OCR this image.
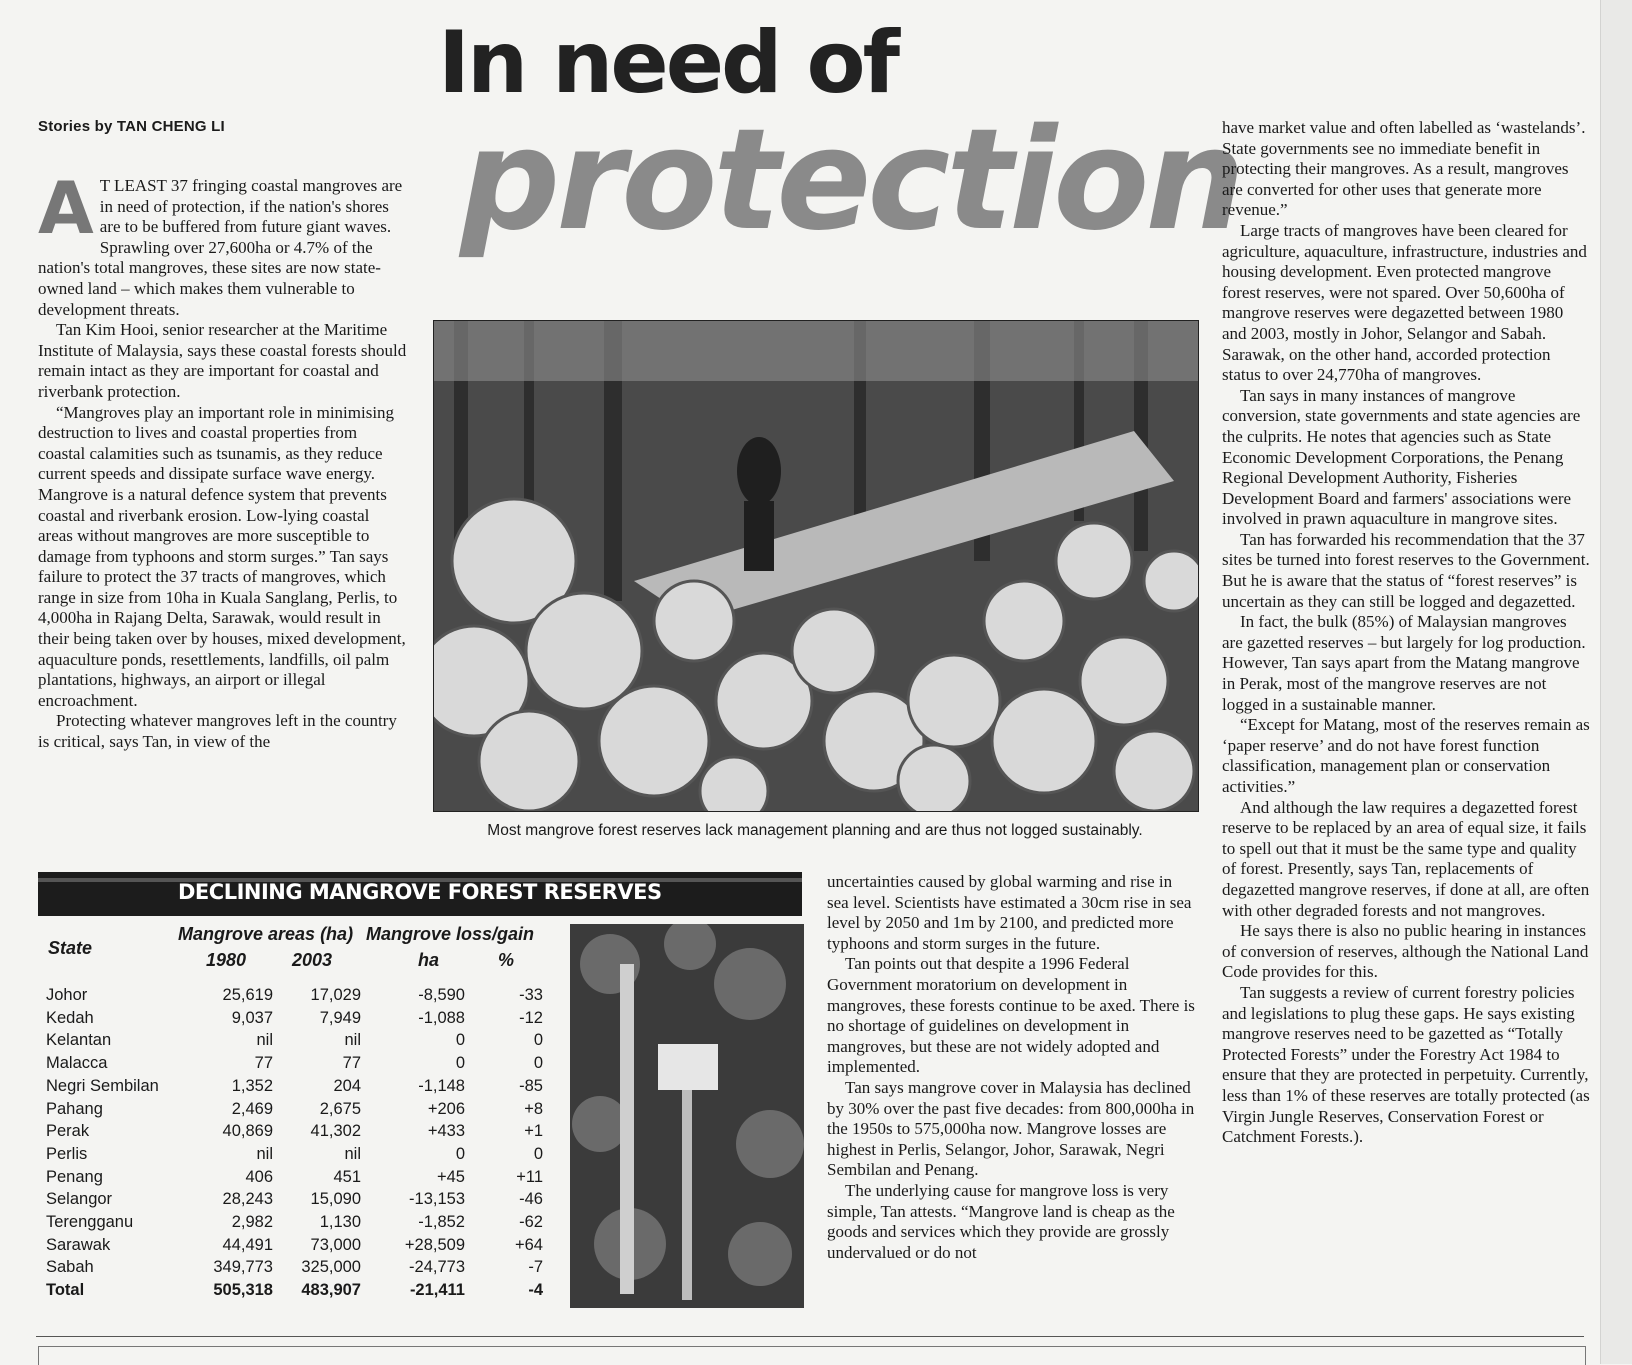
In need of
protection
Stories by TAN CHENG LI

A T LEAST 37 fringing coastal mangroves are in need of protection, if the nation's shores are to be buffered from future giant waves.

Sprawling over 27,600ha or 4.7% of the nation's total mangroves, these sites are now state-owned land – which makes them vulnerable to development threats.

Tan Kim Hooi, senior researcher at the Maritime Institute of Malaysia, says these coastal forests should remain intact as they are important for coastal and riverbank protection.

“Mangroves play an important role in minimising destruction to lives and coastal properties from coastal calamities such as tsunamis, as they reduce current speeds and dissipate surface wave energy. Mangrove is a natural defence system that prevents coastal and riverbank erosion. Low-lying coastal areas without mangroves are more susceptible to damage from typhoons and storm surges.” Tan says failure to protect the 37 tracts of mangroves, which range in size from 10ha in Kuala Sanglang, Perlis, to 4,000ha in Rajang Delta, Sarawak, would result in their being taken over by houses, mixed development, aquaculture ponds, resettlements, landfills, oil palm plantations, highways, an airport or illegal encroachment.

Protecting whatever mangroves left in the country is critical, says Tan, in view of the

Most mangrove forest reserves lack management planning and are thus not logged sustainably.
DECLINING MANGROVE FOREST RESERVES
State
Mangrove areas (ha) Mangrove loss/gain
1980	2003	ha	%
Johor	25,619 17,029	-8,590	-33
Kedah	9,037	7,949	-1,088	-12
Kelantan	nil	nil	0	0
Malacca	77	77	0	0
Negri Sembilan	1,352	204	-1,148	-85
Pahang	2,469	2,675	+206	+8
Perak	40,869 41,302	+433	+1
Perlis	nil	nil	0	0
Penang	406	451	+45	+11
Selangor	28,243 15,090	-13,153	-46
Terengganu	2,982	1,130	-1,852	-62
Sarawak	44,491 73,000	+28,509	+64
Sabah	349,773 325,000	-24,773	-7
Total	505,318 483,907	-21,411	-4

uncertainties caused by global warming and rise in sea level. Scientists have estimated a 30cm rise in sea level by 2050 and 1m by 2100, and predicted more typhoons and storm surges in the future.

Tan points out that despite a 1996 Federal Government moratorium on development in mangroves, these forests continue to be axed. There is no shortage of guidelines on development in mangroves, but these are not widely adopted and implemented.

Tan says mangrove cover in Malaysia has declined by 30% over the past five decades: from 800,000ha in the 1950s to 575,000ha now. Mangrove losses are highest in Perlis, Selangor, Johor, Sarawak, Negri Sembilan and Penang.

The underlying cause for mangrove loss is very simple, Tan attests. “Mangrove land is cheap as the goods and services which they provide are grossly undervalued or do not

have market value and often labelled as ‘wastelands’. State governments see no immediate benefit in protecting their mangroves. As a result, mangroves are converted for other uses that generate more revenue.”

Large tracts of mangroves have been cleared for agriculture, aquaculture, infrastructure, industries and housing development. Even protected mangrove forest reserves, were not spared. Over 50,600ha of mangrove reserves were degazetted between 1980 and 2003, mostly in Johor, Selangor and Sabah. Sarawak, on the other hand, accorded protection status to over 24,770ha of mangroves.

Tan says in many instances of mangrove conversion, state governments and state agencies are the culprits. He notes that agencies such as State Economic Development Corporations, the Penang Regional Development Authority, Fisheries Development Board and farmers' associations were involved in prawn aquaculture in mangrove sites.

Tan has forwarded his recommendation that the 37 sites be turned into forest reserves to the Government. But he is aware that the status of “forest reserves” is uncertain as they can still be logged and degazetted.

In fact, the bulk (85%) of Malaysian mangroves are gazetted reserves – but largely for log production. However, Tan says apart from the Matang mangrove in Perak, most of the mangrove reserves are not logged in a sustainable manner.

“Except for Matang, most of the reserves remain as ‘paper reserve’ and do not have forest function classification, management plan or conservation activities.”

And although the law requires a degazetted forest reserve to be replaced by an area of equal size, it fails to spell out that it must be the same type and quality of forest. Presently, says Tan, replacements of degazetted mangrove reserves, if done at all, are often with other degraded forests and not mangroves.

He says there is also no public hearing in instances of conversion of reserves, although the National Land Code provides for this.

Tan suggests a review of current forestry policies and legislations to plug these gaps. He says existing mangrove reserves need to be gazetted as “Totally Protected Forests” under the Forestry Act 1984 to ensure that they are protected in perpetuity. Currently, less than 1% of these reserves are totally protected (as Virgin Jungle Reserves, Conservation Forest or Catchment Forests.).
